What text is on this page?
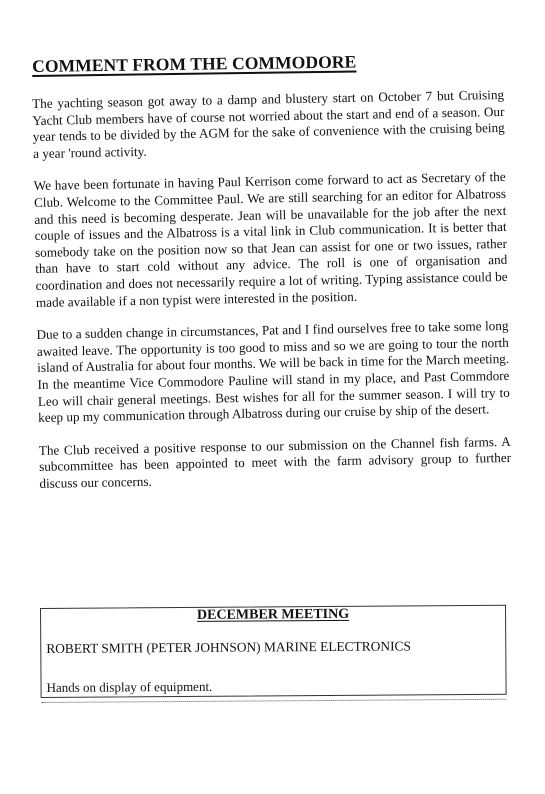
COMMENT FROM THE COMMODORE

The yachting season got away to a damp and blustery start on October 7 but Cruising Yacht Club members have of course not worried about the start and end of a season. Our year tends to be divided by the AGM for the sake of convenience with the cruising being a year 'round activity.

We have been fortunate in having Paul Kerrison come forward to act as Secretary of the Club. Welcome to the Committee Paul. We are still searching for an editor for Albatross and this need is becoming desperate. Jean will be unavailable for the job after the next couple of issues and the Albatross is a vital link in Club communication. It is better that somebody take on the position now so that Jean can assist for one or two issues, rather than have to start cold without any advice. The roll is one of organisation and coordination and does not necessarily require a lot of writing. Typing assistance could be made available if a non typist were interested in the position.

Due to a sudden change in circumstances, Pat and I find ourselves free to take some long awaited leave. The opportunity is too good to miss and so we are going to tour the north island of Australia for about four months. We will be back in time for the March meeting. In the meantime Vice Commodore Pauline will stand in my place, and Past Commdore Leo will chair general meetings. Best wishes for all for the summer season. I will try to keep up my communication through Albatross during our cruise by ship of the desert.

The Club received a positive response to our submission on the Channel fish farms. A subcommittee has been appointed to meet with the farm advisory group to further discuss our concerns.

DECEMBER MEETING
ROBERT SMITH (PETER JOHNSON) MARINE ELECTRONICS
Hands on display of equipment.
